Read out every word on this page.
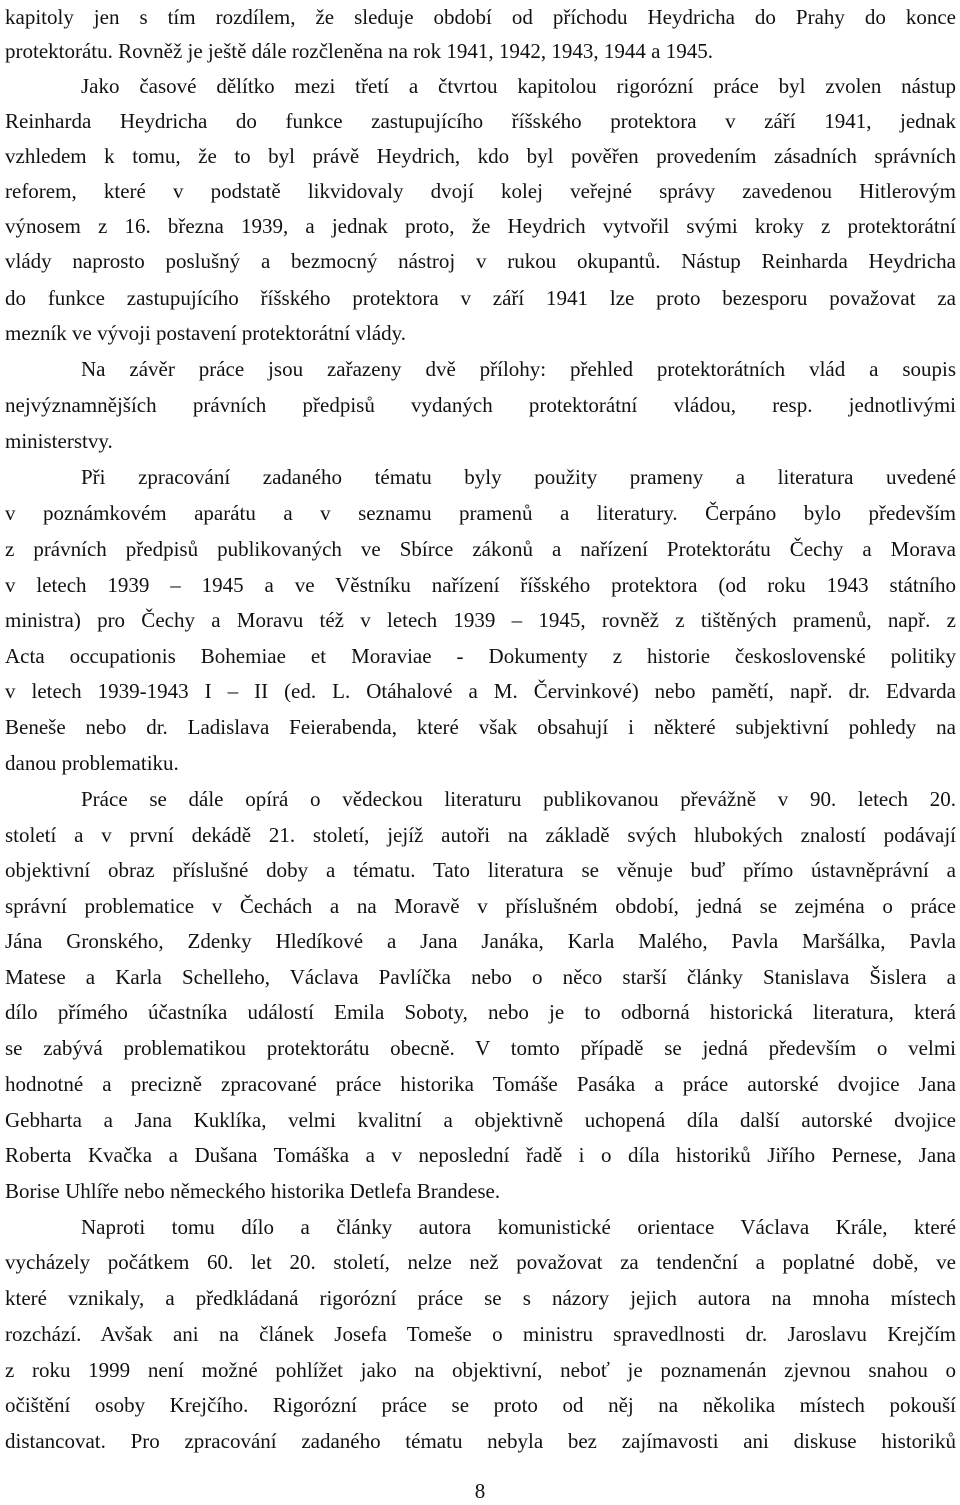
kapitoly jen s tím rozdílem, že sleduje období od příchodu Heydricha do Prahy do konce
protektorátu. Rovněž je ještě dále rozčleněna na rok 1941, 1942, 1943, 1944 a 1945.
Jako časové dělítko mezi třetí a čtvrtou kapitolou rigorózní práce byl zvolen nástup
Reinharda Heydricha do funkce zastupujícího říšského protektora v září 1941, jednak
vzhledem k tomu, že to byl právě Heydrich, kdo byl pověřen provedením zásadních správních
reforem, které v podstatě likvidovaly dvojí kolej veřejné správy zavedenou Hitlerovým
výnosem z 16. března 1939, a jednak proto, že Heydrich vytvořil svými kroky z protektorátní
vlády naprosto poslušný a bezmocný nástroj v rukou okupantů. Nástup Reinharda Heydricha
do funkce zastupujícího říšského protektora v září 1941 lze proto bezesporu považovat za
mezník ve vývoji postavení protektorátní vlády.
Na závěr práce jsou zařazeny dvě přílohy: přehled protektorátních vlád a soupis
nejvýznamnějších právních předpisů vydaných protektorátní vládou, resp. jednotlivými
ministerstvy.
Při zpracování zadaného tématu byly použity prameny a literatura uvedené
v poznámkovém aparátu a v seznamu pramenů a literatury. Čerpáno bylo především
z právních předpisů publikovaných ve Sbírce zákonů a nařízení Protektorátu Čechy a Morava
v letech 1939 – 1945 a ve Věstníku nařízení říšského protektora (od roku 1943 státního
ministra) pro Čechy a Moravu též v letech 1939 – 1945, rovněž z tištěných pramenů, např. z
Acta occupationis Bohemiae et Moraviae - Dokumenty z historie československé politiky
v letech 1939-1943 I – II (ed. L. Otáhalové a M. Červinkové) nebo pamětí, např. dr. Edvarda
Beneše nebo dr. Ladislava Feierabenda, které však obsahují i některé subjektivní pohledy na
danou problematiku.
Práce se dále opírá o vědeckou literaturu publikovanou převážně v 90. letech 20.
století a v první dekádě 21. století, jejíž autoři na základě svých hlubokých znalostí podávají
objektivní obraz příslušné doby a tématu. Tato literatura se věnuje buď přímo ústavněprávní a
správní problematice v Čechách a na Moravě v příslušném období, jedná se zejména o práce
Jána Gronského, Zdenky Hledíkové a Jana Janáka, Karla Malého, Pavla Maršálka, Pavla
Matese a Karla Schelleho, Václava Pavlíčka nebo o něco starší články Stanislava Šislera a
dílo přímého účastníka událostí Emila Soboty, nebo je to odborná historická literatura, která
se zabývá problematikou protektorátu obecně. V tomto případě se jedná především o velmi
hodnotné a precizně zpracované práce historika Tomáše Pasáka a práce autorské dvojice Jana
Gebharta a Jana Kuklíka, velmi kvalitní a objektivně uchopená díla další autorské dvojice
Roberta Kvačka a Dušana Tomáška a v neposlední řadě i o díla historiků Jiřího Pernese, Jana
Borise Uhlíře nebo německého historika Detlefa Brandese.
Naproti tomu dílo a články autora komunistické orientace Václava Krále, které
vycházely počátkem 60. let 20. století, nelze než považovat za tendenční a poplatné době, ve
které vznikaly, a předkládaná rigorózní práce se s názory jejich autora na mnoha místech
rozchází. Avšak ani na článek Josefa Tomeše o ministru spravedlnosti dr. Jaroslavu Krejčím
z roku 1999 není možné pohlížet jako na objektivní, neboť je poznamenán zjevnou snahou o
očištění osoby Krejčího. Rigorózní práce se proto od něj na několika místech pokouší
distancovat. Pro zpracování zadaného tématu nebyla bez zajímavosti ani diskuse historiků
8
